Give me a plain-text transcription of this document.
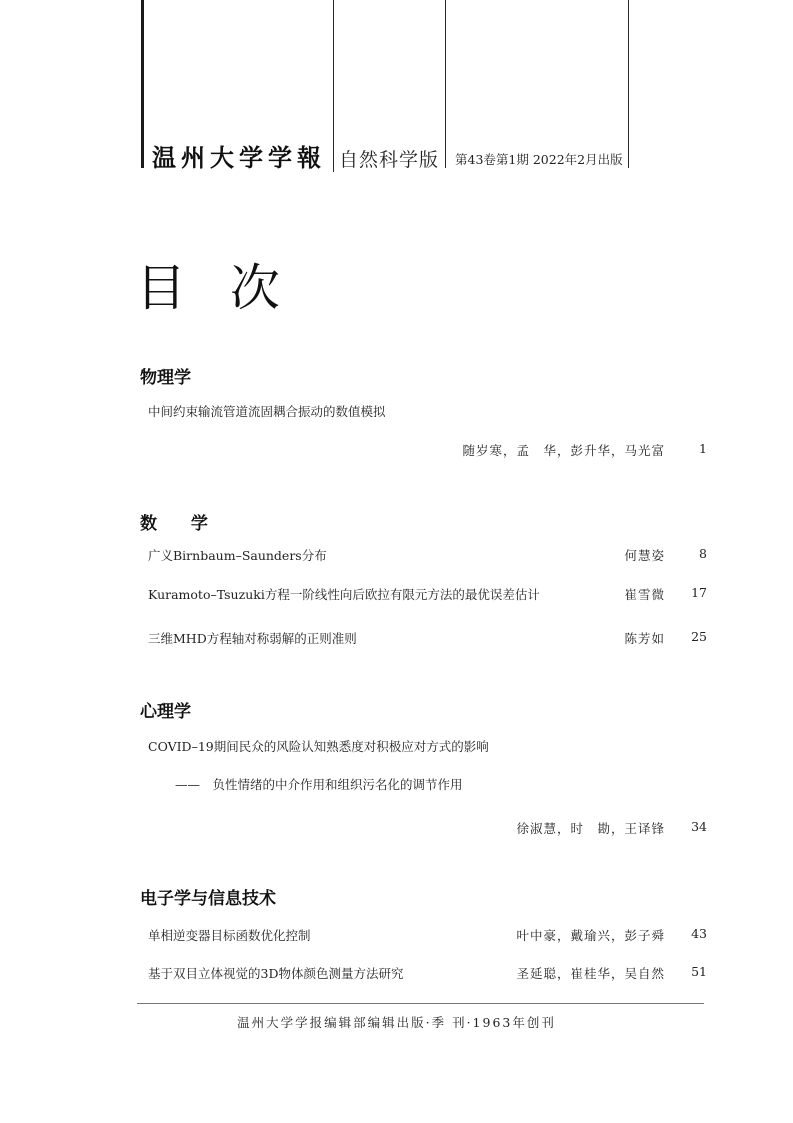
温州大学学報 自然科学版 第43卷第1期 2022年2月出版
目 次
物理学
中间约束输流管道流固耦合振动的数值模拟
随岁寒，孟　华，彭升华，马光富	1
数 学
广义Birnbaum–Saunders分布	何慧姿	8
Kuramoto–Tsuzuki方程一阶线性向后欧拉有限元方法的最优误差估计	崔雪微	17
三维MHD方程轴对称弱解的正则准则	陈芳如	25
心理学
COVID–19期间民众的风险认知熟悉度对积极应对方式的影响
——　负性情绪的中介作用和组织污名化的调节作用
徐淑慧，时　勘，王译锋	34
电子学与信息技术
单相逆变器目标函数优化控制	叶中豪，戴瑜兴，彭子舜	43
基于双目立体视觉的3D物体颜色测量方法研究	圣延聪，崔桂华，吴自然	51
温州大学学报编辑部编辑出版·季 刊·1963年创刊
